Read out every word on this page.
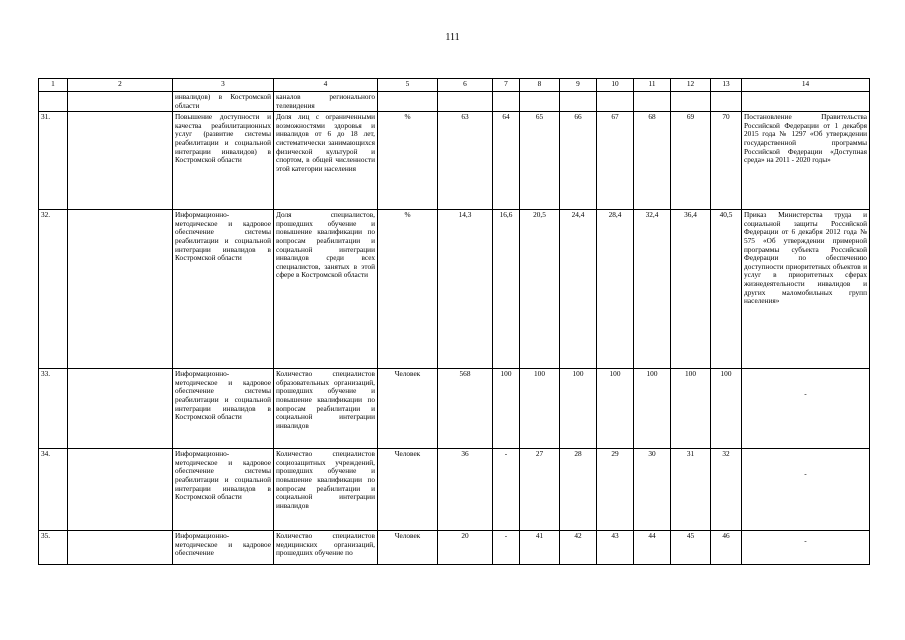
111
1	2	3	4	5	6	7	8	9	10	11	12	13	14
		инвалидов) в Костромской области	каналов регионального телевидения										
31.		Повышение доступности и качества реабилитационных услуг (развитие системы реабилитации и социальной интеграции инвалидов) в Костромской области	Доля лиц с ограниченными возможностями здоровья и инвалидов от 6 до 18 лет, систематически занимающихся физической культурой и спортом, в общей численности этой категории населения	%	63	64	65	66	67	68	69	70	Постановление Правительства Российской Федерации от 1 декабря 2015 года № 1297 «Об утверждении государственной программы Российской Федерации «Доступная среда» на 2011 - 2020 годы»
32.		Информационно-методическое и кадровое обеспечение системы реабилитации и социальной интеграции инвалидов в Костромской области	Доля специалистов, прошедших обучение и повышение квалификации по вопросам реабилитации и социальной интеграции инвалидов среди всех специалистов, занятых в этой сфере в Костромской области	%	14,3	16,6	20,5	24,4	28,4	32,4	36,4	40,5	Приказ Министерства труда и социальной защиты Российской Федерации от 6 декабря 2012 года № 575 «Об утверждении примерной программы субъекта Российской Федерации по обеспечению доступности приоритетных объектов и услуг в приоритетных сферах жизнедеятельности инвалидов и других маломобильных групп населения»
33.		Информационно-методическое и кадровое обеспечение системы реабилитации и социальной интеграции инвалидов в Костромской области	Количество специалистов образовательных организаций, прошедших обучение и повышение квалификации по вопросам реабилитации и социальной интеграции инвалидов	Человек	568	100	100	100	100	100	100	100	-

34.		Информационно-методическое и кадровое обеспечение системы реабилитации и социальной интеграции инвалидов в Костромской области	Количество специалистов социозащитных учреждений, прошедших обучение и повышение квалификации по вопросам реабилитации и социальной интеграции инвалидов	Человек	36	-	27	28	29	30	31	32	-

35.		Информационно-методическое и кадровое обеспечение	Количество специалистов медицинских организаций, прошедших обучение по	Человек	20	-	41	42	43	44	45	46	-
